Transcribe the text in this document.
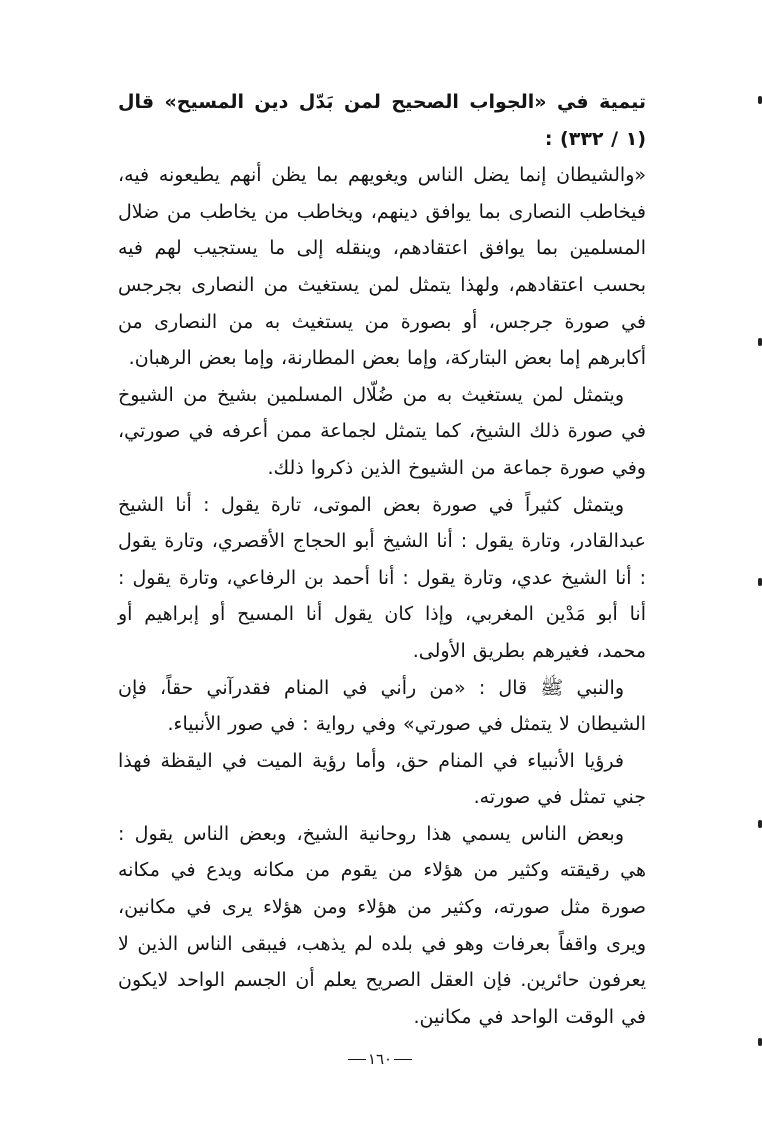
تيمية في «الجواب الصحيح لمن بَدّل دين المسيح» قال (١ / ٣٣٢) :

«والشيطان إنما يضل الناس ويغويهم بما يظن أنهم يطيعونه فيه، فيخاطب النصارى بما يوافق دينهم، ويخاطب من يخاطب من ضلال المسلمين بما يوافق اعتقادهم، وينقله إلى ما يستجيب لهم فيه بحسب اعتقادهم، ولهذا يتمثل لمن يستغيث من النصارى بجرجس في صورة جرجس، أو بصورة من يستغيث به من النصارى من أكابرهم إما بعض البتاركة، وإما بعض المطارنة، وإما بعض الرهبان.

ويتمثل لمن يستغيث به من ضُلّال المسلمين بشيخ من الشيوخ في صورة ذلك الشيخ، كما يتمثل لجماعة ممن أعرفه في صورتي، وفي صورة جماعة من الشيوخ الذين ذكروا ذلك.

ويتمثل كثيراً في صورة بعض الموتى، تارة يقول : أنا الشيخ عبدالقادر، وتارة يقول : أنا الشيخ أبو الحجاج الأقصري، وتارة يقول : أنا الشيخ عدي، وتارة يقول : أنا أحمد بن الرفاعي، وتارة يقول : أنا أبو مَدْين المغربي، وإذا كان يقول أنا المسيح أو إبراهيم أو محمد، فغيرهم بطريق الأولى.

والنبي ﷺ قال : «من رأني في المنام فقدرآني حقاً، فإن الشيطان لا يتمثل في صورتي» وفي رواية : في صور الأنبياء.

فرؤيا الأنبياء في المنام حق، وأما رؤية الميت في اليقظة فهذا جني تمثل في صورته.

وبعض الناس يسمي هذا روحانية الشيخ، وبعض الناس يقول : هي رقيقته وكثير من هؤلاء من يقوم من مكانه ويدع في مكانه صورة مثل صورته، وكثير من هؤلاء ومن هؤلاء يرى في مكانين، ويرى واقفاً بعرفات وهو في بلده لم يذهب، فيبقى الناس الذين لا يعرفون حائرين. فإن العقل الصريح يعلم أن الجسم الواحد لايكون في الوقت الواحد في مكانين.

١٦٠
